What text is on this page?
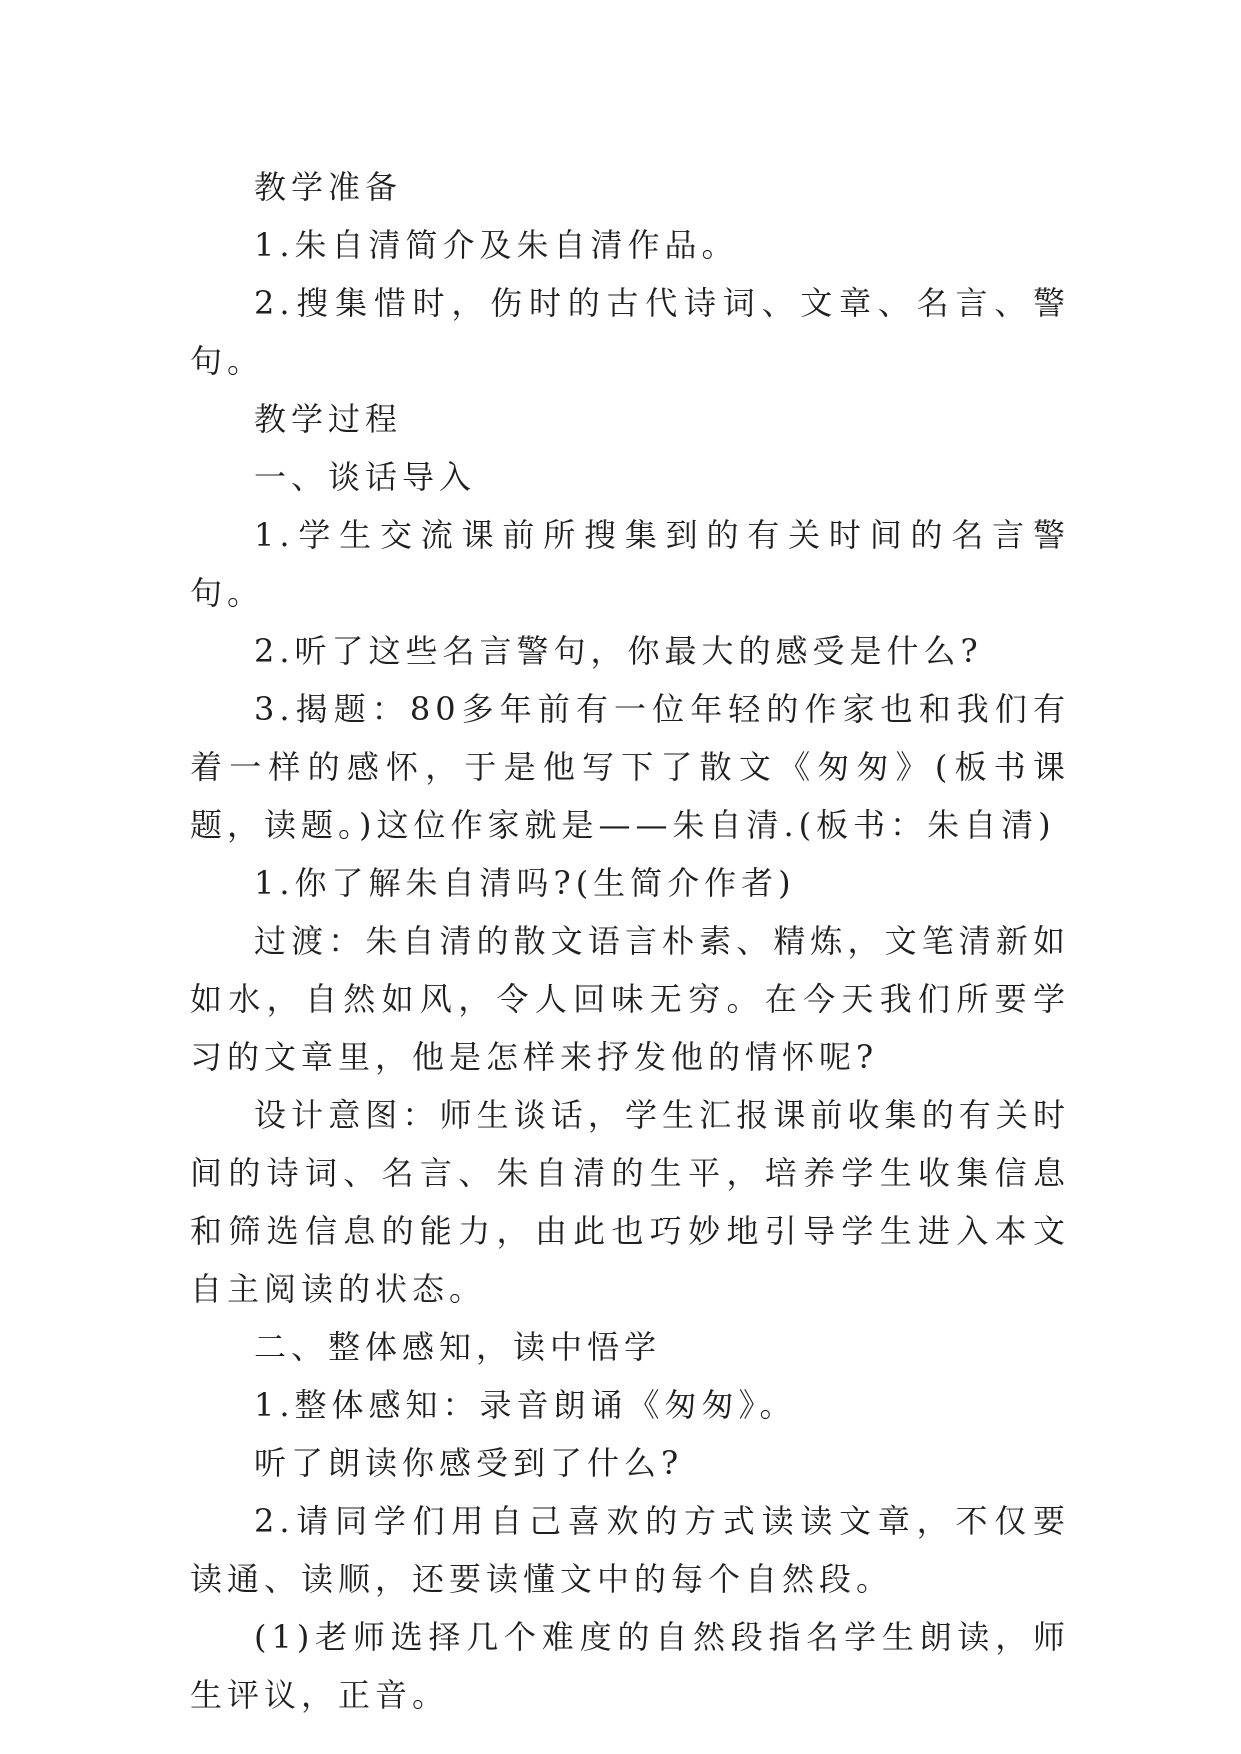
教学准备

1.朱自清简介及朱自清作品。

2.搜集惜时，伤时的古代诗词、文章、名言、警句。

教学过程

一、谈话导入

1.学生交流课前所搜集到的有关时间的名言警句。

2.听了这些名言警句，你最大的感受是什么?

3.揭题：80多年前有一位年轻的作家也和我们有着一样的感怀，于是他写下了散文《匆匆》(板书课题，读题。)这位作家就是——朱自清.(板书：朱自清)

1.你了解朱自清吗?(生简介作者)

过渡：朱自清的散文语言朴素、精炼，文笔清新如如水，自然如风，令人回味无穷。在今天我们所要学习的文章里，他是怎样来抒发他的情怀呢?

设计意图：师生谈话，学生汇报课前收集的有关时间的诗词、名言、朱自清的生平，培养学生收集信息和筛选信息的能力，由此也巧妙地引导学生进入本文自主阅读的状态。

二、整体感知，读中悟学

1.整体感知：录音朗诵《匆匆》。

听了朗读你感受到了什么?

2.请同学们用自己喜欢的方式读读文章，不仅要读通、读顺，还要读懂文中的每个自然段。

(1)老师选择几个难度的自然段指名学生朗读，师生评议，正音。
